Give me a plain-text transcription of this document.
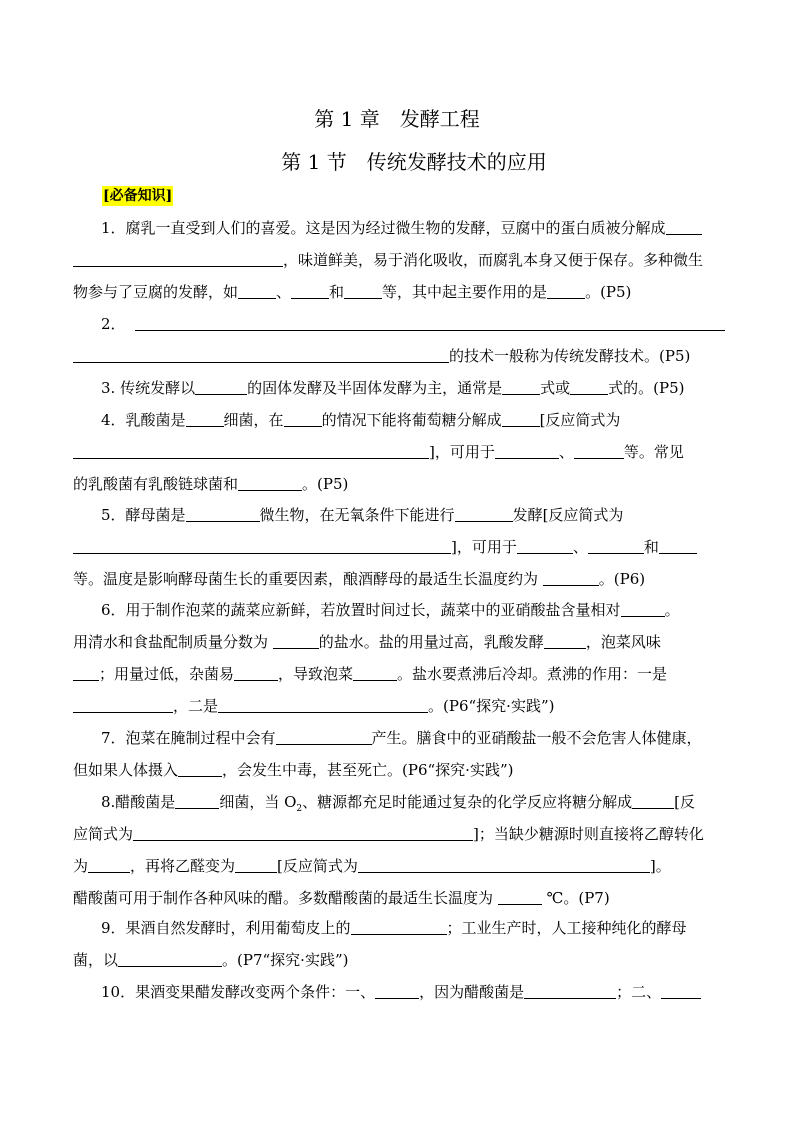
第 1 章　发酵工程
第 1 节　传统发酵技术的应用
[必备知识]
1．腐乳一直受到人们的喜爱。这是因为经过微生物的发酵，豆腐中的蛋白质被分解成
，味道鲜美，易于消化吸收，而腐乳本身又便于保存。多种微生
物参与了豆腐的发酵，如	、	和	等，其中起主要作用的是	。(P5)
2．
的技术一般称为传统发酵技术。(P5)
3. 传统发酵以	的固体发酵及半固体发酵为主，通常是	式或	式的。(P5)
4．乳酸菌是	细菌，在	的情况下能将葡萄糖分解成	[反应简式为
]，可用于	、	等。常见
的乳酸菌有乳酸链球菌和	。(P5)
5．酵母菌是	微生物，在无氧条件下能进行	发酵[反应简式为
]，可用于	、	和
等。温度是影响酵母菌生长的重要因素，酿酒酵母的最适生长温度约为	。(P6)
6．用于制作泡菜的蔬菜应新鲜，若放置时间过长，蔬菜中的亚硝酸盐含量相对	。
用清水和食盐配制质量分数为	的盐水。盐的用量过高，乳酸发酵	，泡菜风味
；用量过低，杂菌易	，导致泡菜	。盐水要煮沸后冷却。煮沸的作用：一是
，二是	。(P6“探究·实践”)
7．泡菜在腌制过程中会有	产生。膳食中的亚硝酸盐一般不会危害人体健康，
但如果人体摄入	，会发生中毒，甚至死亡。(P6“探究·实践”)
8.醋酸菌是	细菌，当 $O_2$、糖源都充足时能通过复杂的化学反应将糖分解成	[反
应简式为	]；当缺少糖源时则直接将乙醇转化
为	，再将乙醛变为	[反应简式为	]。
醋酸菌可用于制作各种风味的醋。多数醋酸菌的最适生长温度为	℃。(P7)
9．果酒自然发酵时，利用葡萄皮上的	；工业生产时，人工接种纯化的酵母
菌，以	。(P7“探究·实践”)
10．果酒变果醋发酵改变两个条件：一、	，因为醋酸菌是	；二、
